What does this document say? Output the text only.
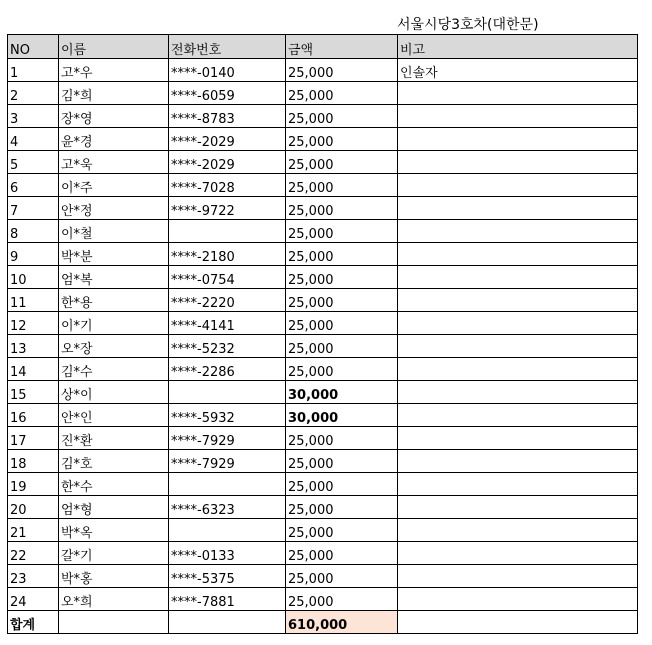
서울시당3호차(대한문)
NO	이름	전화번호	금액	비고
1	고*우	****-0140	25,000	인솔자
2	김*희	****-6059	25,000	
3	장*영	****-8783	25,000	
4	윤*경	****-2029	25,000	
5	고*욱	****-2029	25,000	
6	이*주	****-7028	25,000	
7	안*정	****-9722	25,000	
8	이*철		25,000	
9	박*분	****-2180	25,000	
10	엄*복	****-0754	25,000	
11	한*용	****-2220	25,000	
12	이*기	****-4141	25,000	
13	오*장	****-5232	25,000	
14	김*수	****-2286	25,000	
15	상*이		30,000	
16	안*인	****-5932	30,000	
17	진*환	****-7929	25,000	
18	김*호	****-7929	25,000	
19	한*수		25,000	
20	엄*형	****-6323	25,000	
21	박*옥		25,000	
22	갈*기	****-0133	25,000	
23	박*홍	****-5375	25,000	
24	오*희	****-7881	25,000	
합계			610,000	
